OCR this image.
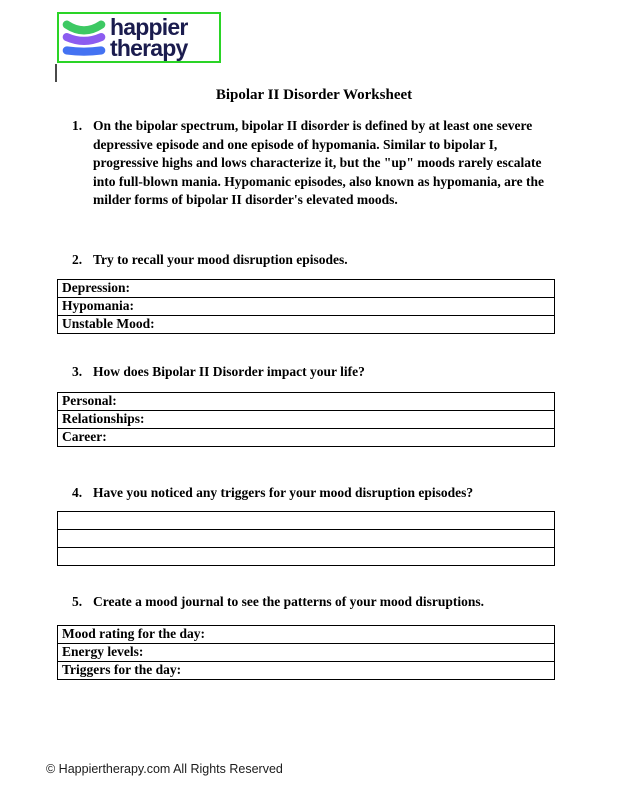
happier
therapy
Bipolar II Disorder Worksheet
1. On the bipolar spectrum, bipolar II disorder is defined by at least one severe depressive episode and one episode of hypomania. Similar to bipolar I, progressive highs and lows characterize it, but the "up" moods rarely escalate into full-blown mania. Hypomanic episodes, also known as hypomania, are the milder forms of bipolar II disorder's elevated moods.
2. Try to recall your mood disruption episodes.
Depression:
Hypomania:
Unstable Mood:
3. How does Bipolar II Disorder impact your life?
Personal:
Relationships:
Career:
4. Have you noticed any triggers for your mood disruption episodes?

5. Create a mood journal to see the patterns of your mood disruptions.
Mood rating for the day:
Energy levels:
Triggers for the day:
© Happiertherapy.com All Rights Reserved
